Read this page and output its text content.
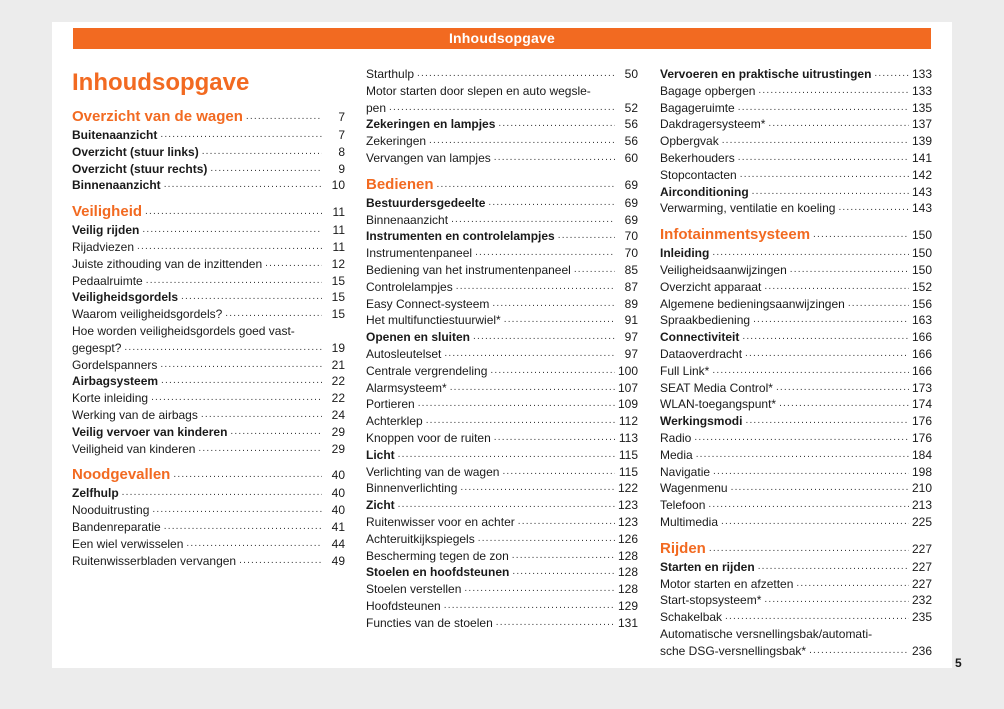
Inhoudsopgave
Inhoudsopgave
Overzicht van de wagen .....	7
Buitenaanzicht .....	7
Overzicht (stuur links) .....	8
Overzicht (stuur rechts) .....	9
Binnenaanzicht .....	10
Veiligheid .....	11
Veilig rijden .....	11
Rijadviezen .....	11
Juiste zithouding van de inzittenden .....	12
Pedaalruimte .....	15
Veiligheidsgordels .....	15
Waarom veiligheidsgordels? .....	15
Hoe worden veiligheidsgordels goed vast-
gegespt? .....	19
Gordelspanners .....	21
Airbagsysteem .....	22
Korte inleiding .....	22
Werking van de airbags .....	24
Veilig vervoer van kinderen .....	29
Veiligheid van kinderen .....	29
Noodgevallen .....	40
Zelfhulp .....	40
Nooduitrusting .....	40
Bandenreparatie .....	41
Een wiel verwisselen .....	44
Ruitenwisserbladen vervangen .....	49
Starthulp .....	50
Motor starten door slepen en auto wegsle-
pen .....	52
Zekeringen en lampjes .....	56
Zekeringen .....	56
Vervangen van lampjes .....	60
Bedienen .....	69
Bestuurdersgedeelte .....	69
Binnenaanzicht .....	69
Instrumenten en controlelampjes .....	70
Instrumentenpaneel .....	70
Bediening van het instrumentenpaneel .....	85
Controlelampjes .....	87
Easy Connect-systeem .....	89
Het multifunctiestuurwiel* .....	91
Openen en sluiten .....	97
Autosleutelset .....	97
Centrale vergrendeling .....	100
Alarmsysteem* .....	107
Portieren .....	109
Achterklep .....	112
Knoppen voor de ruiten .....	113
Licht .....	115
Verlichting van de wagen .....	115
Binnenverlichting .....	122
Zicht .....	123
Ruitenwisser voor en achter .....	123
Achteruitkijkspiegels .....	126
Bescherming tegen de zon .....	128
Stoelen en hoofdsteunen .....	128
Stoelen verstellen .....	128
Hoofdsteunen .....	129
Functies van de stoelen .....	131
Vervoeren en praktische uitrustingen .....	133
Bagage opbergen .....	133
Bagageruimte .....	135
Dakdragersysteem* .....	137
Opbergvak .....	139
Bekerhouders .....	141
Stopcontacten .....	142
Airconditioning .....	143
Verwarming, ventilatie en koeling .....	143
Infotainmentsysteem .....	150
Inleiding .....	150
Veiligheidsaanwijzingen .....	150
Overzicht apparaat .....	152
Algemene bedieningsaanwijzingen .....	156
Spraakbediening .....	163
Connectiviteit .....	166
Dataoverdracht .....	166
Full Link* .....	166
SEAT Media Control* .....	173
WLAN-toegangspunt* .....	174
Werkingsmodi .....	176
Radio .....	176
Media .....	184
Navigatie .....	198
Wagenmenu .....	210
Telefoon .....	213
Multimedia .....	225
Rijden .....	227
Starten en rijden .....	227
Motor starten en afzetten .....	227
Start-stopsysteem* .....	232
Schakelbak .....	235
Automatische versnellingsbak/automati-
sche DSG-versnellingsbak* .....	236
5
